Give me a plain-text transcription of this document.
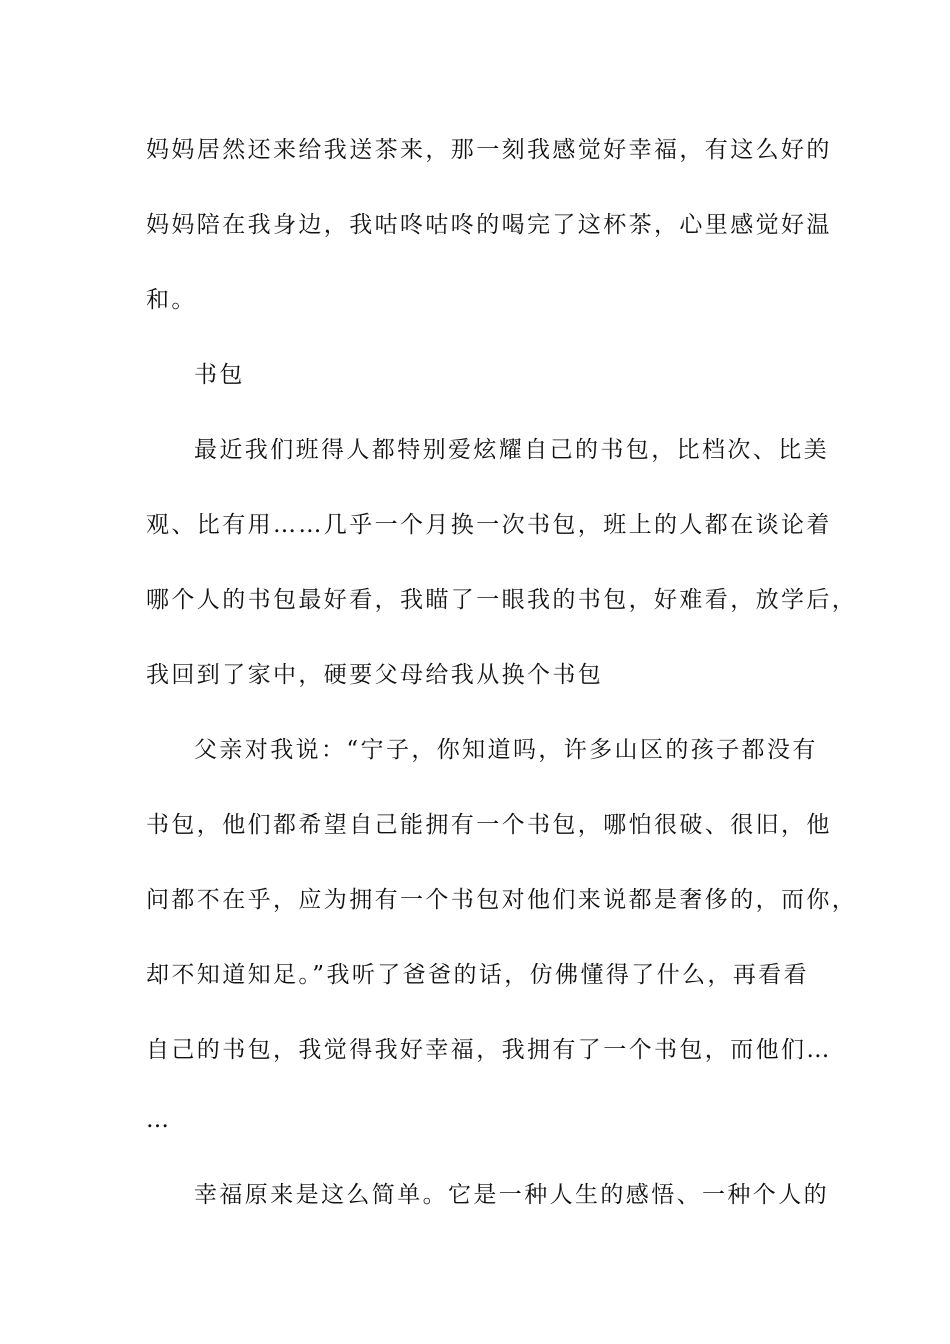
妈妈居然还来给我送茶来，那一刻我感觉好幸福，有这么好的
妈妈陪在我身边，我咕咚咕咚的喝完了这杯茶，心里感觉好温
和。
书包
最近我们班得人都特别爱炫耀自己的书包，比档次、比美
观、比有用……几乎一个月换一次书包，班上的人都在谈论着
哪个人的书包最好看，我瞄了一眼我的书包，好难看，放学后，
我回到了家中，硬要父母给我从换个书包
父亲对我说：“宁子，你知道吗，许多山区的孩子都没有
书包，他们都希望自己能拥有一个书包，哪怕很破、很旧，他
问都不在乎，应为拥有一个书包对他们来说都是奢侈的，而你，
却不知道知足。”我听了爸爸的话，仿佛懂得了什么，再看看
自己的书包，我觉得我好幸福，我拥有了一个书包，而他们…
…
幸福原来是这么简单。它是一种人生的感悟、一种个人的
